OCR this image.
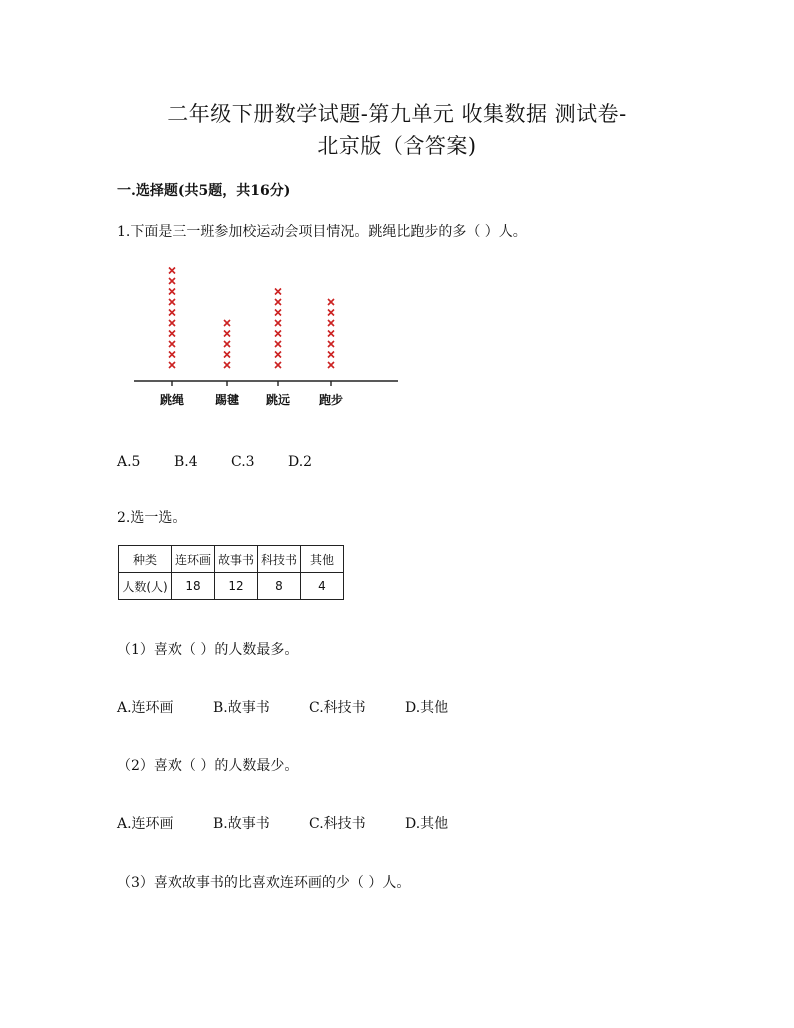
二年级下册数学试题-第九单元 收集数据 测试卷-
北京版（含答案)
一.选择题(共5题，共16分)
1.下面是三一班参加校运动会项目情况。跳绳比跑步的多（ ）人。
跳绳	踢毽 跳远 跑步
A.5 B.4 C.3 D.2
2.选一选。
种类	连环画	故事书	科技书	其他
人数(人)	18	12	8	4
（1）喜欢（ ）的人数最多。
A.连环画	B.故事书	C.科技书	D.其他
（2）喜欢（ ）的人数最少。
A.连环画	B.故事书	C.科技书	D.其他
（3）喜欢故事书的比喜欢连环画的少（ ）人。
